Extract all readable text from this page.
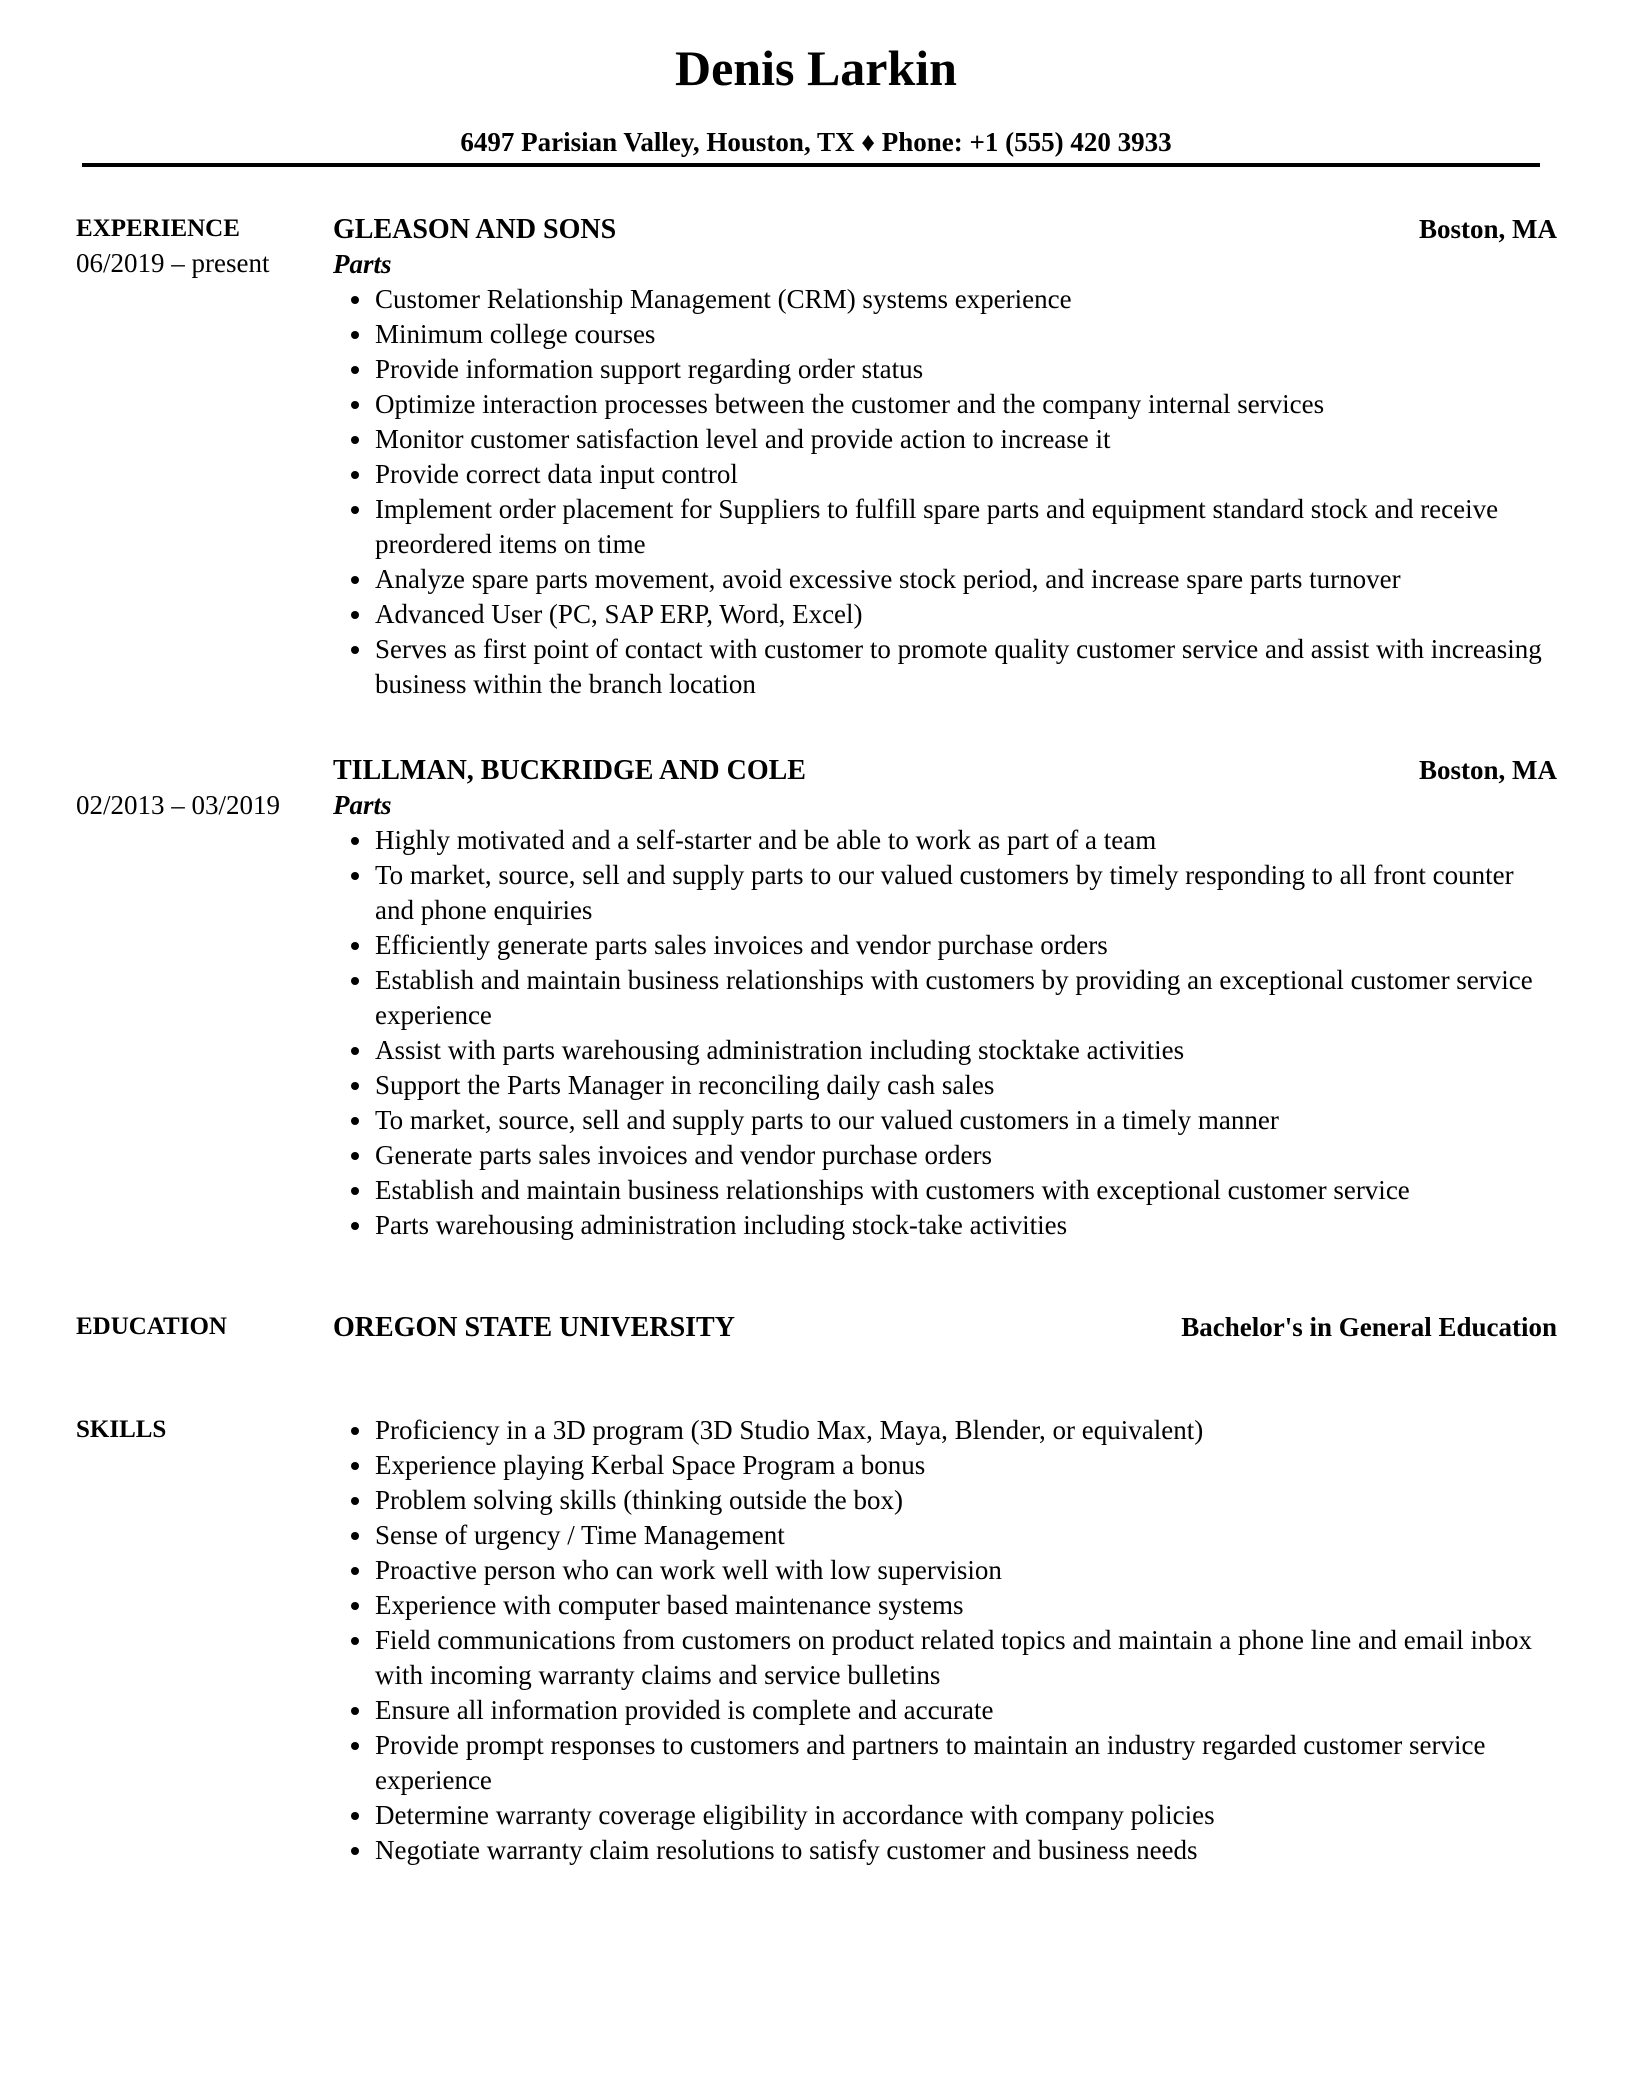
Denis Larkin
6497 Parisian Valley, Houston, TX ♦ Phone: +1 (555) 420 3933
EXPERIENCE
06/2019 – present
GLEASON AND SONS	Boston, MA
Parts
Customer Relationship Management (CRM) systems experience
Minimum college courses
Provide information support regarding order status
Optimize interaction processes between the customer and the company internal services
Monitor customer satisfaction level and provide action to increase it
Provide correct data input control
Implement order placement for Suppliers to fulfill spare parts and equipment standard stock and receive preordered items on time
Analyze spare parts movement, avoid excessive stock period, and increase spare parts turnover
Advanced User (PC, SAP ERP, Word, Excel)
Serves as first point of contact with customer to promote quality customer service and assist with increasing business within the branch location
02/2013 – 03/2019
TILLMAN, BUCKRIDGE AND COLE	Boston, MA
Parts
Highly motivated and a self-starter and be able to work as part of a team
To market, source, sell and supply parts to our valued customers by timely responding to all front counter and phone enquiries
Efficiently generate parts sales invoices and vendor purchase orders
Establish and maintain business relationships with customers by providing an exceptional customer service experience
Assist with parts warehousing administration including stocktake activities
Support the Parts Manager in reconciling daily cash sales
To market, source, sell and supply parts to our valued customers in a timely manner
Generate parts sales invoices and vendor purchase orders
Establish and maintain business relationships with customers with exceptional customer service
Parts warehousing administration including stock-take activities
EDUCATION	OREGON STATE UNIVERSITY	Bachelor's in General Education
SKILLS	Proficiency in a 3D program (3D Studio Max, Maya, Blender, or equivalent)
Experience playing Kerbal Space Program a bonus
Problem solving skills (thinking outside the box)
Sense of urgency / Time Management
Proactive person who can work well with low supervision
Experience with computer based maintenance systems
Field communications from customers on product related topics and maintain a phone line and email inbox with incoming warranty claims and service bulletins
Ensure all information provided is complete and accurate
Provide prompt responses to customers and partners to maintain an industry regarded customer service experience
Determine warranty coverage eligibility in accordance with company policies
Negotiate warranty claim resolutions to satisfy customer and business needs
